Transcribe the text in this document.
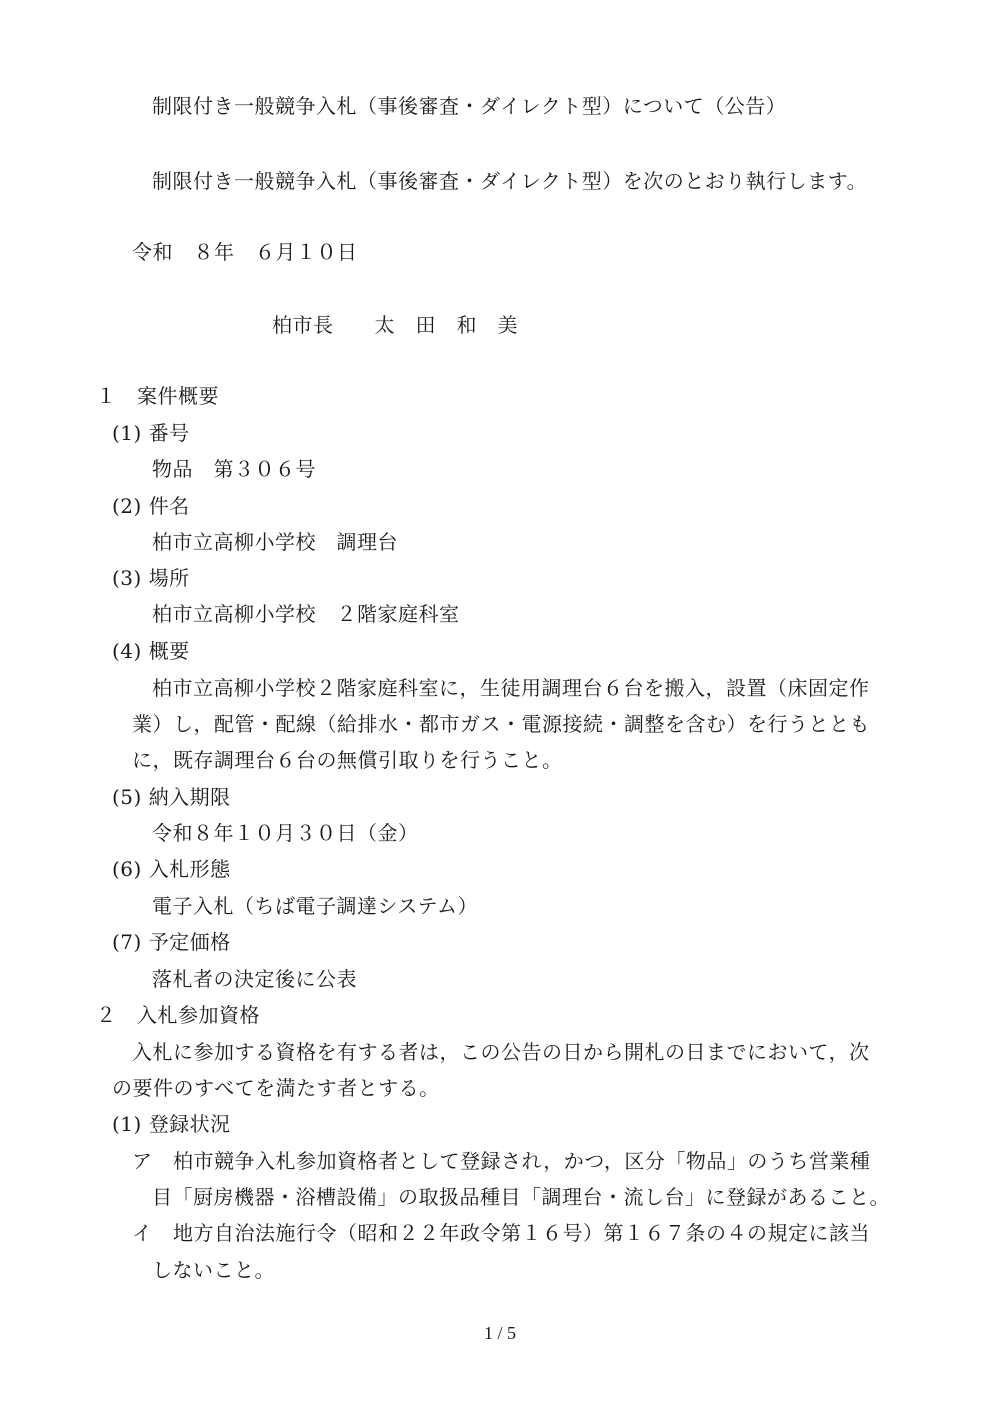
制限付き一般競争入札（事後審査・ダイレクト型）について（公告）
制限付き一般競争入札（事後審査・ダイレクト型）を次のとおり執行します。
令和　８年　６月１０日
柏市長　　太　田　和　美
１　案件概要
(1) 番号
物品　第３０６号
(2) 件名
柏市立高柳小学校　調理台
(3) 場所
柏市立高柳小学校　２階家庭科室
(4) 概要
柏市立高柳小学校２階家庭科室に，生徒用調理台６台を搬入，設置（床固定作
業）し，配管・配線（給排水・都市ガス・電源接続・調整を含む）を行うととも
に，既存調理台６台の無償引取りを行うこと。
(5) 納入期限
令和８年１０月３０日（金）
(6) 入札形態
電子入札（ちば電子調達システム）
(7) 予定価格
落札者の決定後に公表
２　入札参加資格
入札に参加する資格を有する者は，この公告の日から開札の日までにおいて，次
の要件のすべてを満たす者とする。
(1) 登録状況
ア　柏市競争入札参加資格者として登録され，かつ，区分「物品」のうち営業種
目「厨房機器・浴槽設備」の取扱品種目「調理台・流し台」に登録があること。
イ　地方自治法施行令（昭和２２年政令第１６号）第１６７条の４の規定に該当
しないこと。
1 / 5
